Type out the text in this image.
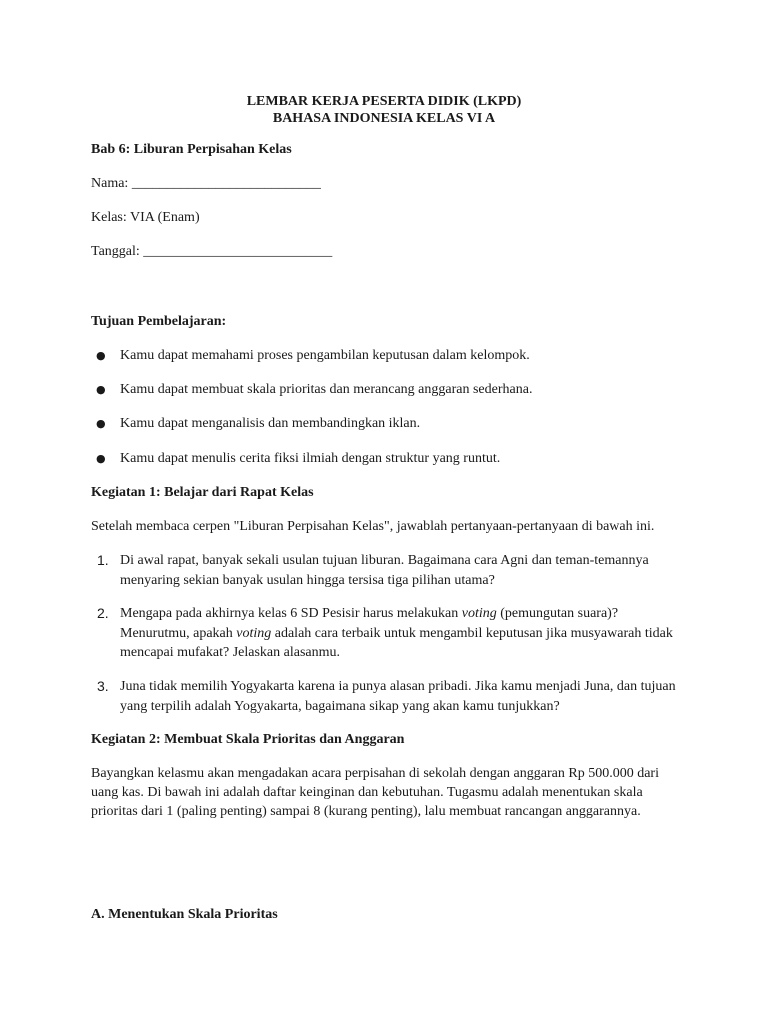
LEMBAR KERJA PESERTA DIDIK (LKPD)
BAHASA INDONESIA KELAS VI A
Bab 6: Liburan Perpisahan Kelas
Nama: ___________________________
Kelas: VIA (Enam)
Tanggal: ___________________________
Tujuan Pembelajaran:
● Kamu dapat memahami proses pengambilan keputusan dalam kelompok.
● Kamu dapat membuat skala prioritas dan merancang anggaran sederhana.
● Kamu dapat menganalisis dan membandingkan iklan.
● Kamu dapat menulis cerita fiksi ilmiah dengan struktur yang runtut.
Kegiatan 1: Belajar dari Rapat Kelas
Setelah membaca cerpen "Liburan Perpisahan Kelas", jawablah pertanyaan-pertanyaan di bawah ini.
1. Di awal rapat, banyak sekali usulan tujuan liburan. Bagaimana cara Agni dan teman-temannya menyaring sekian banyak usulan hingga tersisa tiga pilihan utama?
2. Mengapa pada akhirnya kelas 6 SD Pesisir harus melakukan voting (pemungutan suara)? Menurutmu, apakah voting adalah cara terbaik untuk mengambil keputusan jika musyawarah tidak mencapai mufakat? Jelaskan alasanmu.
3. Juna tidak memilih Yogyakarta karena ia punya alasan pribadi. Jika kamu menjadi Juna, dan tujuan yang terpilih adalah Yogyakarta, bagaimana sikap yang akan kamu tunjukkan?
Kegiatan 2: Membuat Skala Prioritas dan Anggaran
Bayangkan kelasmu akan mengadakan acara perpisahan di sekolah dengan anggaran Rp 500.000 dari uang kas. Di bawah ini adalah daftar keinginan dan kebutuhan. Tugasmu adalah menentukan skala prioritas dari 1 (paling penting) sampai 8 (kurang penting), lalu membuat rancangan anggarannya.
A. Menentukan Skala Prioritas
